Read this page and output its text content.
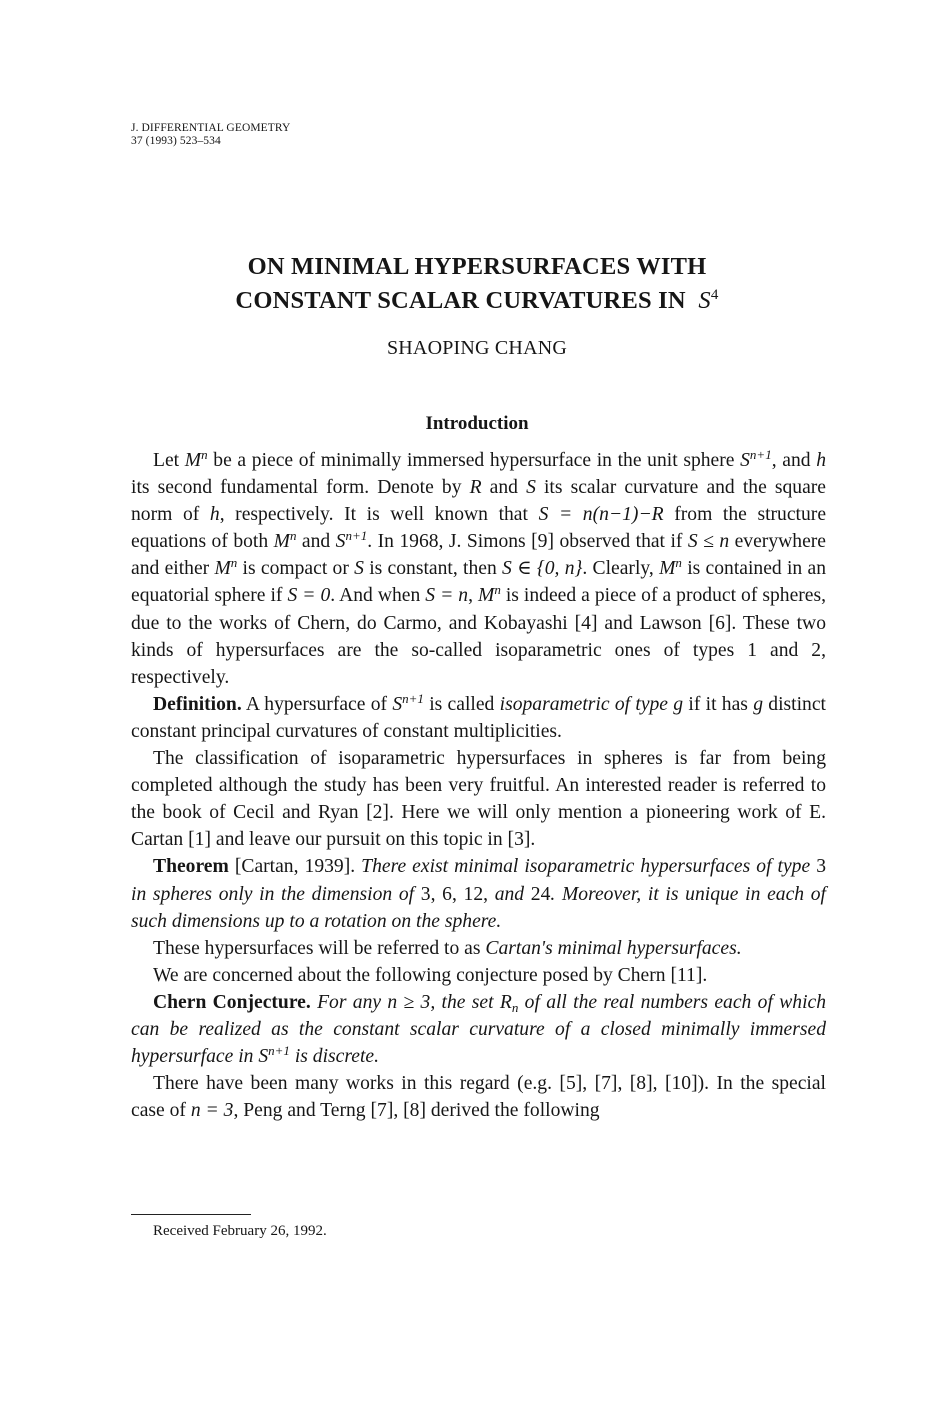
J. DIFFERENTIAL GEOMETRY
37 (1993) 523–534
ON MINIMAL HYPERSURFACES WITH
CONSTANT SCALAR CURVATURES IN $S^4$
SHAOPING CHANG
Introduction

Let $M^n$ be a piece of minimally immersed hypersurface in the unit sphere $S^{n+1}$, and h its second fundamental form. Denote by R and S its scalar curvature and the square norm of h, respectively. It is well known that S = n(n−1)−R from the structure equations of both $M^n$ and $S^{n+1}$. In 1968, J. Simons [9] observed that if S ≤ n everywhere and either $M^n$ is compact or S is constant, then S ∈ {0, n}. Clearly, $M^n$ is contained in an equatorial sphere if S = 0. And when S = n, $M^n$ is indeed a piece of a product of spheres, due to the works of Chern, do Carmo, and Kobayashi [4] and Lawson [6]. These two kinds of hypersurfaces are the so-called isoparametric ones of types 1 and 2, respectively.

Definition. A hypersurface of $S^{n+1}$ is called isoparametric of type g if it has g distinct constant principal curvatures of constant multiplicities.

The classification of isoparametric hypersurfaces in spheres is far from being completed although the study has been very fruitful. An interested reader is referred to the book of Cecil and Ryan [2]. Here we will only mention a pioneering work of E. Cartan [1] and leave our pursuit on this topic in [3].

Theorem [Cartan, 1939]. There exist minimal isoparametric hypersurfaces of type 3 in spheres only in the dimension of 3, 6, 12, and 24. Moreover, it is unique in each of such dimensions up to a rotation on the sphere.

These hypersurfaces will be referred to as Cartan's minimal hypersurfaces.

We are concerned about the following conjecture posed by Chern [11].

Chern Conjecture. For any n ≥ 3, the set $R_n$ of all the real numbers each of which can be realized as the constant scalar curvature of a closed minimally immersed hypersurface in $S^{n+1}$ is discrete.

There have been many works in this regard (e.g. [5], [7], [8], [10]). In the special case of n = 3, Peng and Terng [7], [8] derived the following

Received February 26, 1992.
